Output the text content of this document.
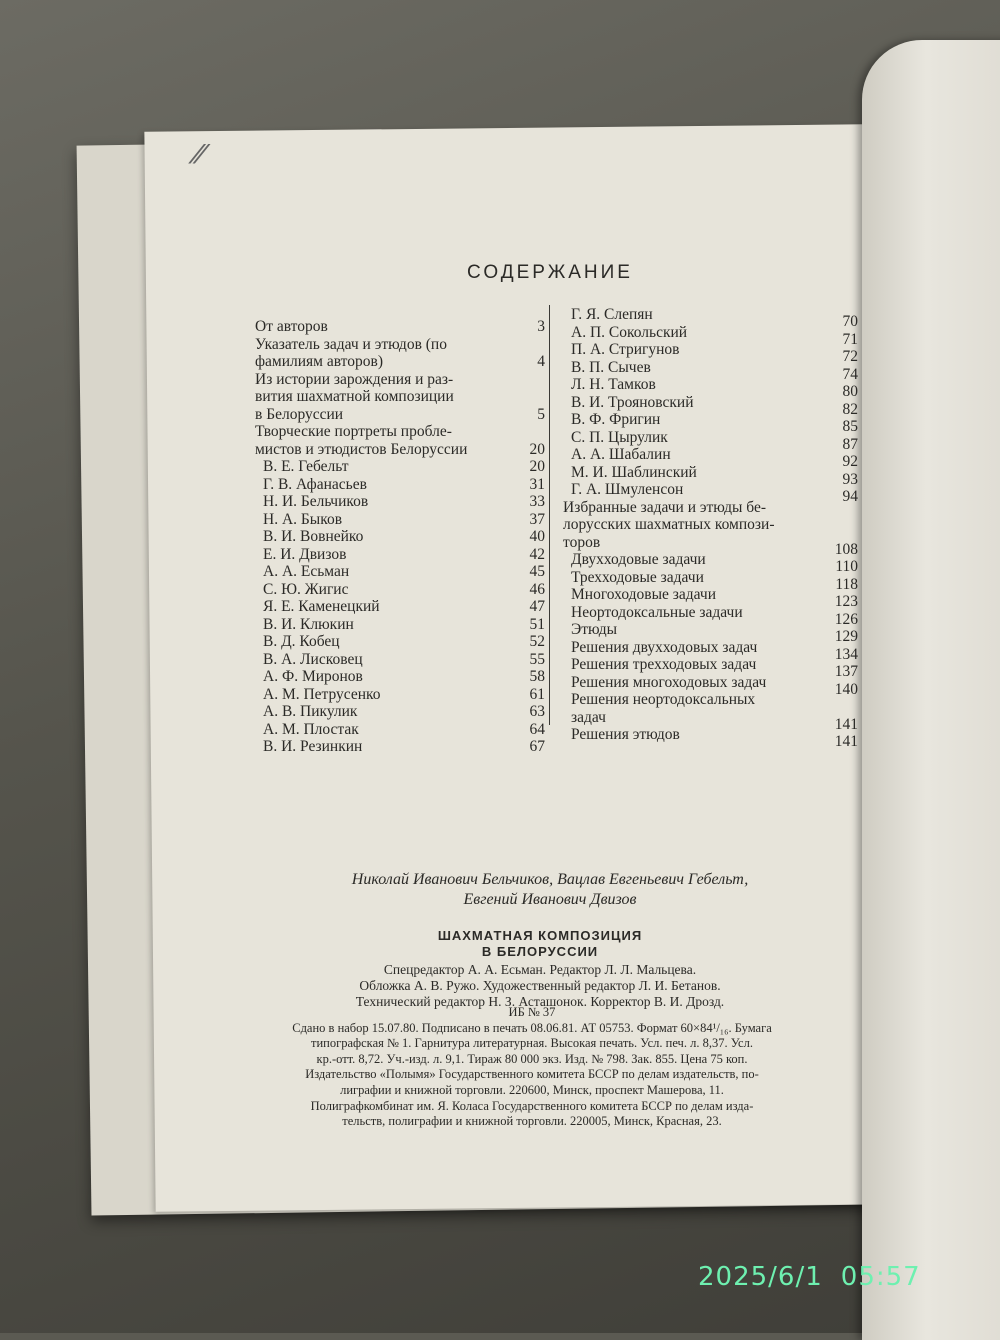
⁄⁄
СОДЕРЖАНИЕ
От авторов	3
Указатель задач и этюдов (по
фамилиям авторов)	4
Из истории зарождения и раз-
вития шахматной композиции
в Белоруссии	5
Творческие портреты пробле-
мистов и этюдистов Белоруссии	20
В. Е. Гебельт	20
Г. В. Афанасьев	31
Н. И. Бельчиков	33
Н. А. Быков	37
В. И. Вовнейко	40
Е. И. Двизов	42
А. А. Есьман	45
С. Ю. Жигис	46
Я. Е. Каменецкий	47
В. И. Клюкин	51
В. Д. Кобец	52
В. А. Лисковец	55
А. Ф. Миронов	58
А. М. Петрусенко	61
А. В. Пикулик	63
А. М. Плостак	64
В. И. Резинкин	67
Г. Я. Слепян	70
А. П. Сокольский	71
П. А. Стригунов	72
В. П. Сычев	74
Л. Н. Тамков	80
В. И. Трояновский	82
В. Ф. Фригин	85
С. П. Цырулик	87
А. А. Шабалин	92
М. И. Шаблинский	93
Г. А. Шмуленсон	94
Избранные задачи и этюды бе-
лорусских шахматных компози-
торов	108
Двухходовые задачи	110
Трехходовые задачи	118
Многоходовые задачи	123
Неортодоксальные задачи	126
Этюды	129
Решения двухходовых задач	134
Решения трехходовых задач	137
Решения многоходовых задач	140
Решения неортодоксальных
задач	141
Решения этюдов	141
Николай Иванович Бельчиков, Вацлав Евгеньевич Гебельт,
Евгений Иванович Двизов
ШАХМАТНАЯ КОМПОЗИЦИЯ
В БЕЛОРУССИИ
Спецредактор А. А. Есьман. Редактор Л. Л. Мальцева.
Обложка А. В. Ружо. Художественный редактор Л. И. Бетанов.
Технический редактор Н. З. Асташонок. Корректор В. И. Дрозд.
ИБ № 37
Сдано в набор 15.07.80. Подписано в печать 08.06.81. АТ 05753. Формат 60×84¹/₁₆. Бумага
типографская № 1. Гарнитура литературная. Высокая печать. Усл. печ. л. 8,37. Усл.
кр.-отт. 8,72. Уч.-изд. л. 9,1. Тираж 80 000 экз. Изд. № 798. Зак. 855. Цена 75 коп.
Издательство «Полымя» Государственного комитета БССР по делам издательств, по-
лиграфии и книжной торговли. 220600, Минск, проспект Машерова, 11.
Полиграфкомбинат им. Я. Коласа Государственного комитета БССР по делам изда-
тельств, полиграфии и книжной торговли. 220005, Минск, Красная, 23.
2025/6/1 05:57
